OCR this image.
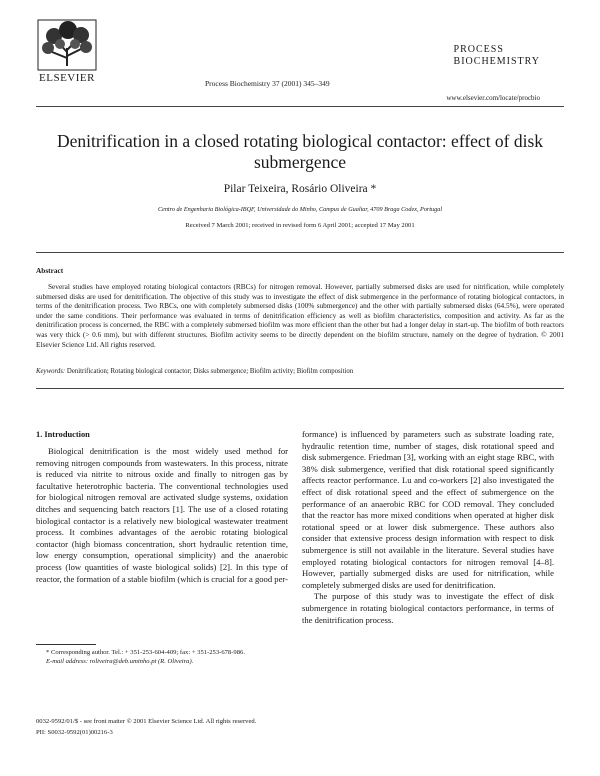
ELSEVIER	Process Biochemistry 37 (2001) 345–349
PROCESS
BIOCHEMISTRY
www.elsevier.com/locate/procbio
Denitrification in a closed rotating biological contactor: effect of disk submergence
Pilar Teixeira, Rosário Oliveira *
Centro de Engenharia Biológica-IBQF, Universidade do Minho, Campus de Gualtar, 4709 Braga Codex, Portugal
Received 7 March 2001; received in revised form 6 April 2001; accepted 17 May 2001
Abstract
Several studies have employed rotating biological contactors (RBCs) for nitrogen removal. However, partially submersed disks are used for nitrification, while completely submersed disks are used for denitrification. The objective of this study was to investigate the effect of disk submergence in the performance of rotating biological contactors, in terms of the denitrification process. Two RBCs, one with completely submersed disks (100% submergence) and the other with partially submersed disks (64.5%), were operated under the same conditions. Their performance was evaluated in terms of denitrification efficiency as well as biofilm characteristics, composition and activity. As far as the denitrification process is concerned, the RBC with a completely submersed biofilm was more efficient than the other but had a longer delay in start-up. The biofilm of both reactors was very thick (> 0.6 mm), but with different structures. Biofilm activity seems to be directly dependent on the biofilm structure, namely on the degree of hydration. © 2001 Elsevier Science Ltd. All rights reserved.
Keywords: Denitrification; Rotating biological contactor; Disks submergence; Biofilm activity; Biofilm composition
1. Introduction

Biological denitrification is the most widely used method for removing nitrogen compounds from wastewaters. In this process, nitrate is reduced via nitrite to nitrous oxide and finally to nitrogen gas by facultative heterotrophic bacteria. The conventional technologies used for biological nitrogen removal are activated sludge systems, oxidation ditches and sequencing batch reactors [1]. The use of a closed rotating biological contactor is a relatively new biological wastewater treatment process. It combines advantages of the aerobic rotating biological contactor (high biomass concentration, short hydraulic retention time, low energy consumption, operational simplicity) and the anaerobic process (low quantities of waste biological solids) [2]. In this type of reactor, the formation of a stable biofilm (which is crucial for a good per-

formance) is influenced by parameters such as substrate loading rate, hydraulic retention time, number of stages, disk rotational speed and disk submergence. Friedman [3], working with an eight stage RBC, with 38% disk submergence, verified that disk rotational speed significantly affects reactor performance. Lu and co-workers [2] also investigated the effect of disk rotational speed and the effect of submergence on the performance of an anaerobic RBC for COD removal. They concluded that the reactor has more mixed conditions when operated at higher disk rotational speed or at lower disk submergence. These authors also consider that extensive process design information with respect to disk submergence is still not available in the literature. Several studies have employed rotating biological contactors for nitrogen removal [4–8]. However, partially submerged disks are used for nitrification, while completely submerged disks are used for denitrification.

The purpose of this study was to investigate the effect of disk submergence in rotating biological contactors performance, in terms of the denitrification process.

* Corresponding author. Tel.: + 351-253-604-409; fax: + 351-253-678-986.

E-mail address: roliveira@deb.uminho.pt (R. Oliveira).

0032-9592/01/$ - see front matter © 2001 Elsevier Science Ltd. All rights reserved.
PII: S0032-9592(01)00216-3
